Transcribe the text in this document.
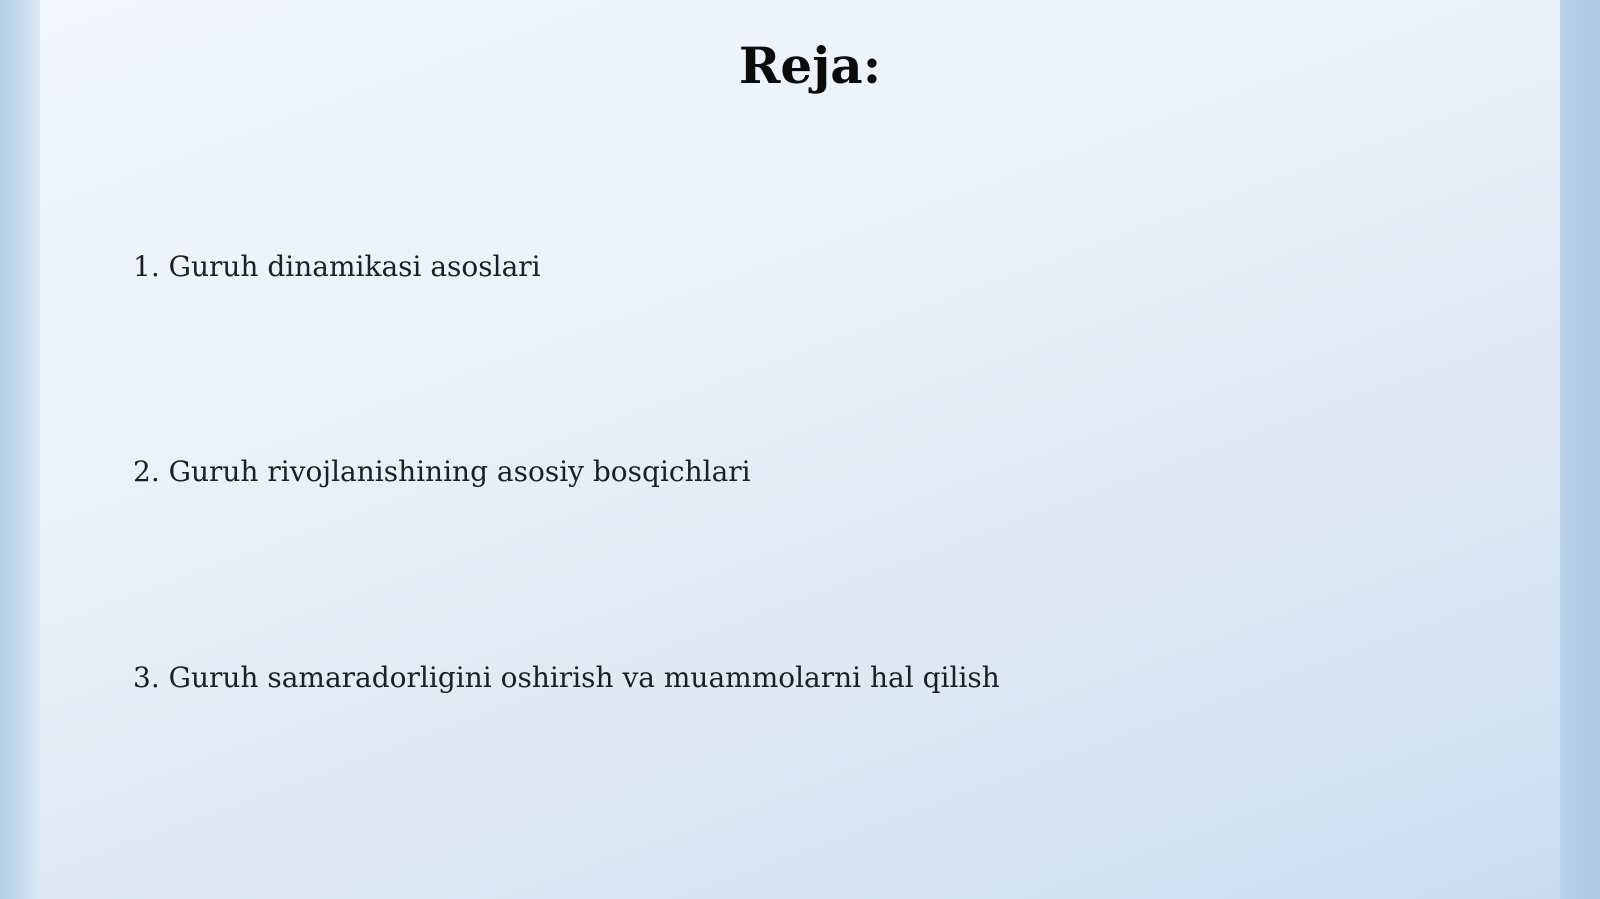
Reja:

1. Guruh dinamikasi asoslari

2. Guruh rivojlanishining asosiy bosqichlari

3. Guruh samaradorligini oshirish va muammolarni hal qilish
